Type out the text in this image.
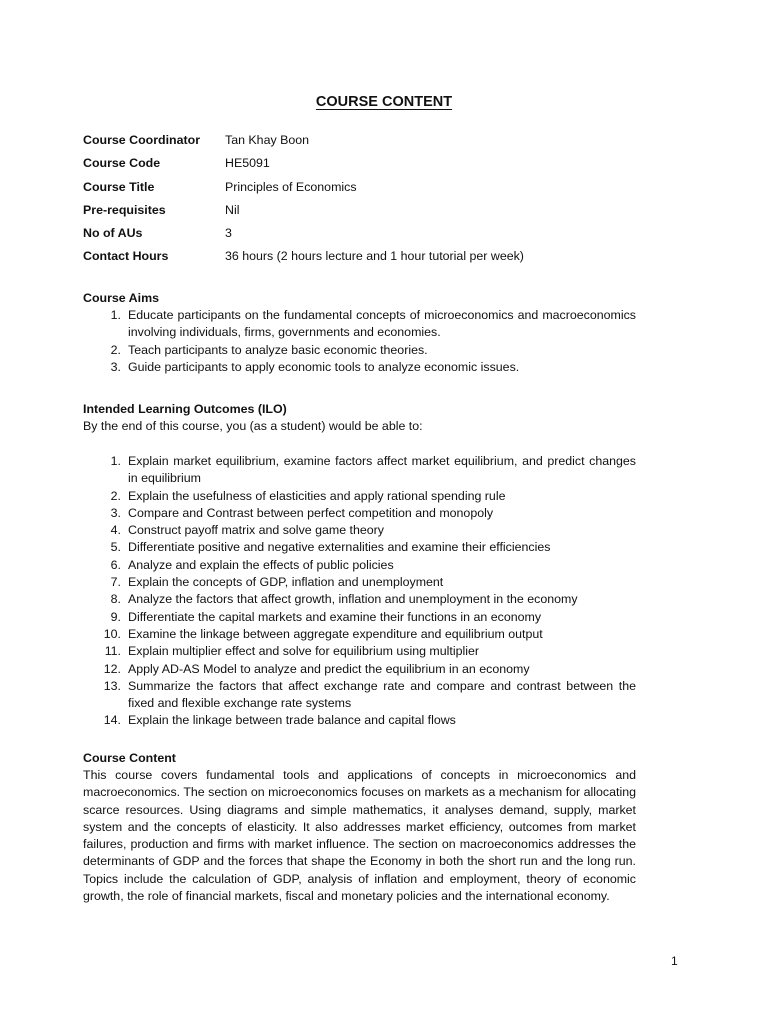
COURSE CONTENT
Course Coordinator	Tan Khay Boon
Course Code	HE5091
Course Title	Principles of Economics
Pre-requisites	Nil
No of AUs	3
Contact Hours	36 hours (2 hours lecture and 1 hour tutorial per week)
Course Aims
1. Educate participants on the fundamental concepts of microeconomics and macroeconomics involving individuals, firms, governments and economies.
2. Teach participants to analyze basic economic theories.
3. Guide participants to apply economic tools to analyze economic issues.
Intended Learning Outcomes (ILO)
By the end of this course, you (as a student) would be able to:
1. Explain market equilibrium, examine factors affect market equilibrium, and predict changes in equilibrium
2. Explain the usefulness of elasticities and apply rational spending rule
3. Compare and Contrast between perfect competition and monopoly
4. Construct payoff matrix and solve game theory
5. Differentiate positive and negative externalities and examine their efficiencies
6. Analyze and explain the effects of public policies
7. Explain the concepts of GDP, inflation and unemployment
8. Analyze the factors that affect growth, inflation and unemployment in the economy
9. Differentiate the capital markets and examine their functions in an economy
10. Examine the linkage between aggregate expenditure and equilibrium output
11. Explain multiplier effect and solve for equilibrium using multiplier
12. Apply AD-AS Model to analyze and predict the equilibrium in an economy
13. Summarize the factors that affect exchange rate and compare and contrast between the fixed and flexible exchange rate systems
14. Explain the linkage between trade balance and capital flows
Course Content
This course covers fundamental tools and applications of concepts in microeconomics and macroeconomics. The section on microeconomics focuses on markets as a mechanism for allocating scarce resources. Using diagrams and simple mathematics, it analyses demand, supply, market system and the concepts of elasticity. It also addresses market efficiency, outcomes from market failures, production and firms with market influence. The section on macroeconomics addresses the determinants of GDP and the forces that shape the Economy in both the short run and the long run. Topics include the calculation of GDP, analysis of inflation and employment, theory of economic growth, the role of financial markets, fiscal and monetary policies and the international economy.
1
